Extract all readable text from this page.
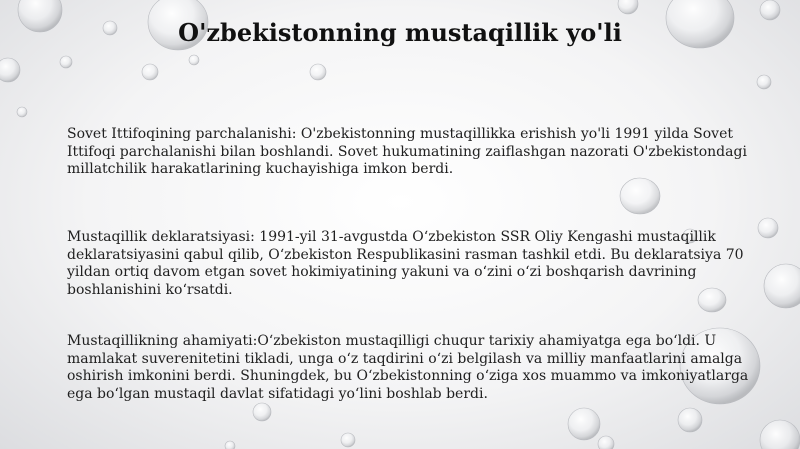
O'zbekistonning mustaqillik yo'li
Sovet Ittifoqining parchalanishi: O'zbekistonning mustaqillikka erishish yo'li 1991 yilda Sovet Ittifoqi parchalanishi bilan boshlandi. Sovet hukumatining zaiflashgan nazorati O'zbekistondagi millatchilik harakatlarining kuchayishiga imkon berdi.
Mustaqillik deklaratsiyasi: 1991-yil 31-avgustda Oʻzbekiston SSR Oliy Kengashi mustaqillik deklaratsiyasini qabul qilib, Oʻzbekiston Respublikasini rasman tashkil etdi. Bu deklaratsiya 70 yildan ortiq davom etgan sovet hokimiyatining yakuni va oʻzini oʻzi boshqarish davrining boshlanishini koʻrsatdi.
Mustaqillikning ahamiyati:Oʻzbekiston mustaqilligi chuqur tarixiy ahamiyatga ega boʻldi. U mamlakat suverenitetini tikladi, unga oʻz taqdirini oʻzi belgilash va milliy manfaatlarini amalga oshirish imkonini berdi. Shuningdek, bu Oʻzbekistonning oʻziga xos muammo va imkoniyatlarga ega boʻlgan mustaqil davlat sifatidagi yoʻlini boshlab berdi.
